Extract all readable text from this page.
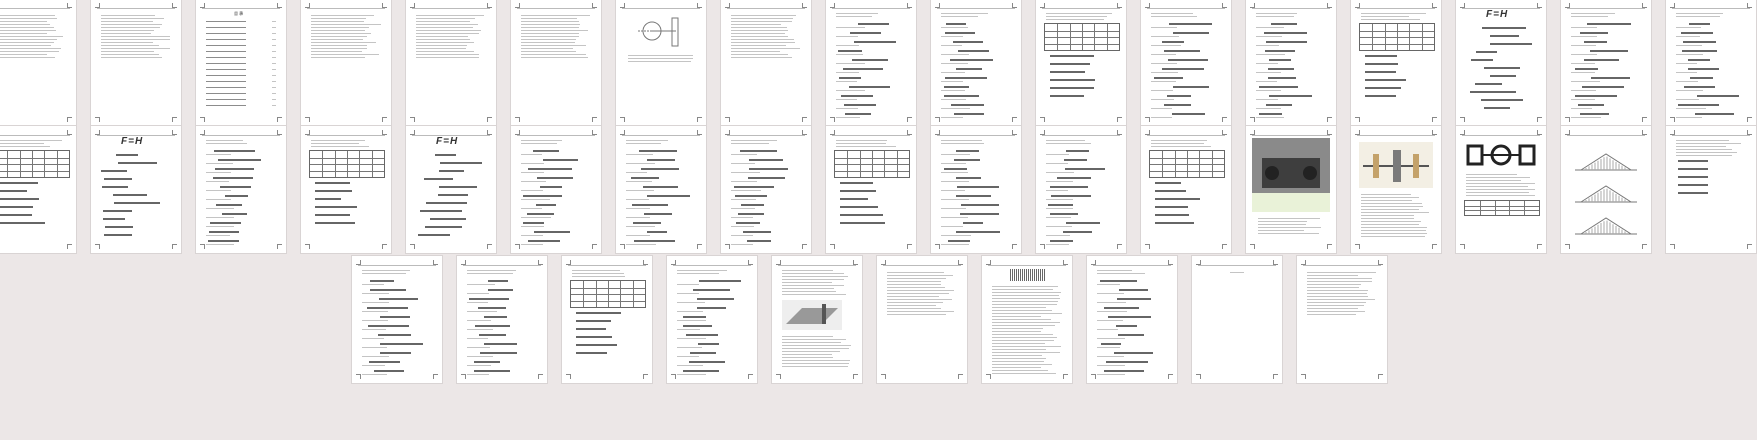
目 录	F=H
F=H	F=H
